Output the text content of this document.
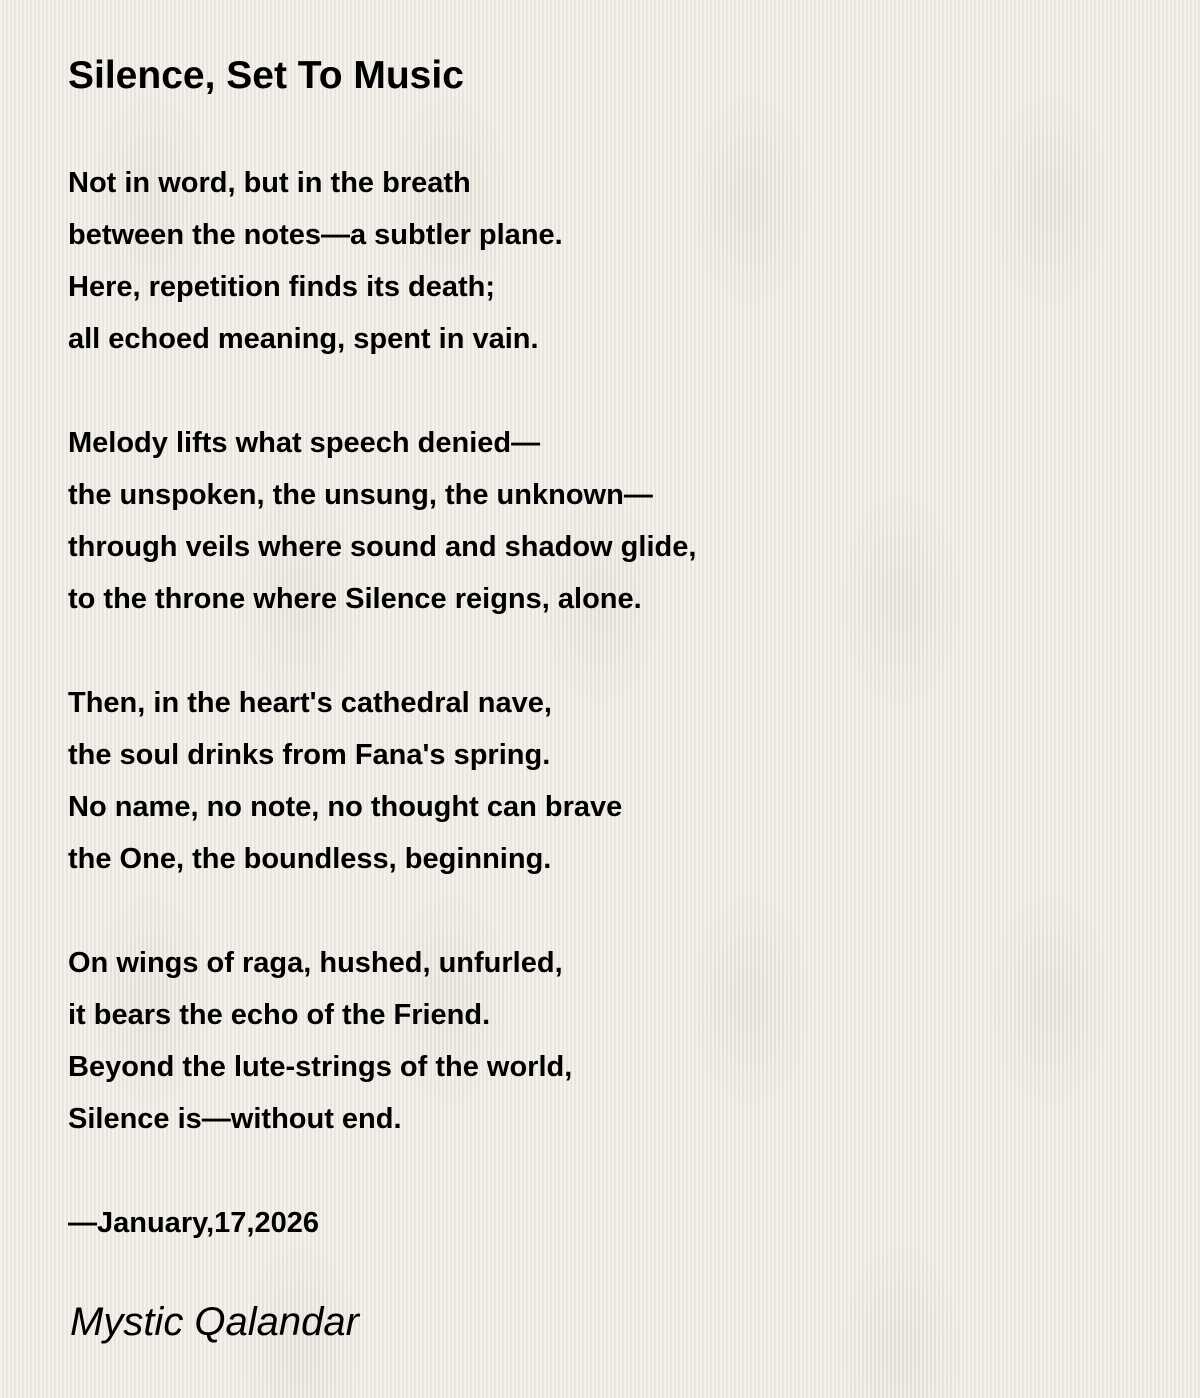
Silence, Set To Music
Not in word, but in the breath
between the notes—a subtler plane.
Here, repetition finds its death;
all echoed meaning, spent in vain.
Melody lifts what speech denied—
the unspoken, the unsung, the unknown—
through veils where sound and shadow glide,
to the throne where Silence reigns, alone.
Then, in the heart's cathedral nave,
the soul drinks from Fana's spring.
No name, no note, no thought can brave
the One, the boundless, beginning.
On wings of raga, hushed, unfurled,
it bears the echo of the Friend.
Beyond the lute-strings of the world,
Silence is—without end.
—January,17,2026
Mystic Qalandar
